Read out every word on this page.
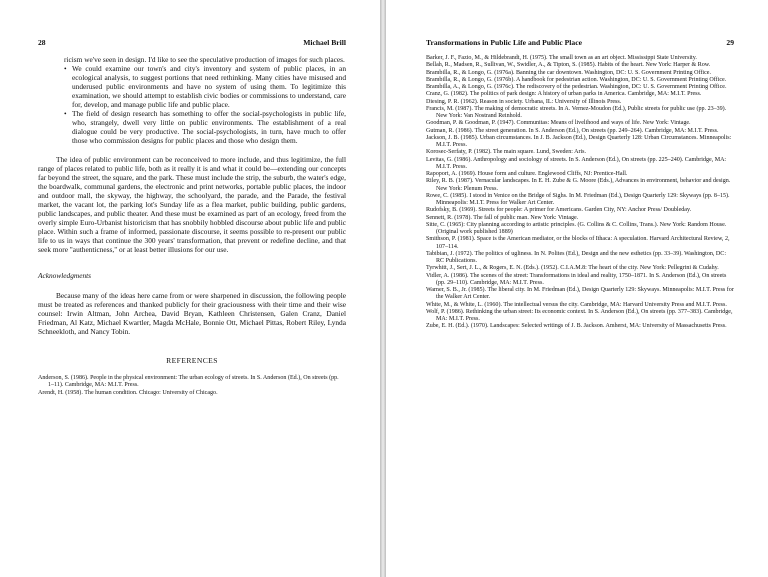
28	Michael Brill
ricism we've seen in design. I'd like to see the speculative production of images for such places.
• We could examine our town's and city's inventory and system of public places, in an ecological analysis, to suggest portions that need rethinking. Many cities have misused and underused public environments and have no system of using them. To legitimize this examination, we should attempt to establish civic bodies or commissions to understand, care for, develop, and manage public life and public place.
• The field of design research has something to offer the social-psychologists in public life, who, strangely, dwell very little on public environments. The establishment of a real dialogue could be very productive. The social-psychologists, in turn, have much to offer those who commission designs for public places and those who design them.

The idea of public environment can be reconceived to more include, and thus legitimize, the full range of places related to public life, both as it really it is and what it could be—extending our concepts far beyond the street, the square, and the park. These must include the strip, the suburb, the water's edge, the boardwalk, communal gardens, the electronic and print networks, portable public places, the indoor and outdoor mall, the skyway, the highway, the schoolyard, the parade, and the Parade, the festival market, the vacant lot, the parking lot's Sunday life as a flea market, public building, public gardens, public landscapes, and public theater. And these must be examined as part of an ecology, freed from the overly simple Euro-Urbanist historicism that has snobbily hobbled discourse about public life and public place. Within such a frame of informed, passionate discourse, it seems possible to re-present our public life to us in ways that continue the 300 years' transformation, that prevent or redefine decline, and that seek more "authenticness," or at least better illusions for our use.

Acknowledgments

Because many of the ideas here came from or were sharpened in discussion, the following people must be treated as references and thanked publicly for their graciousness with their time and their wise counsel: Irwin Altman, John Archea, David Bryan, Kathleen Christensen, Galen Cranz, Daniel Friedman, Al Katz, Michael Kwartler, Magda McHale, Bonnie Ott, Michael Pittas, Robert Riley, Lynda Schneekloth, and Nancy Tobin.

REFERENCES
Anderson, S. (1986). People in the physical environment: The urban ecology of streets. In S. Anderson (Ed.), On streets (pp. 1–11). Cambridge, MA: M.I.T. Press.
Arendt, H. (1958). The human condition. Chicago: University of Chicago.
Transformations in Public Life and Public Place	29
Barker, J. F., Fazio, M., & Hildebrandt, H. (1975). The small town as an art object. Mississippi State University.
Bellah, R., Madsen, R., Sullivan, W., Swidler, A., & Tipton, S. (1985). Habits of the heart. New York: Harper & Row.
Brambilla, R., & Longo, G. (1976a). Banning the car downtown. Washington, DC: U. S. Government Printing Office.
Brambilla, R., & Longo, G. (1976b). A handbook for pedestrian action. Washington, DC: U. S. Government Printing Office.
Brambilla, A., & Longo, G. (1976c). The rediscovery of the pedestrian. Washington, DC: U. S. Government Printing Office.
Cranz, G. (1982). The politics of park design: A history of urban parks in America. Cambridge, MA: M.I.T. Press.
Diesing, P. R. (1962). Reason in society. Urbana, IL: University of Illinois Press.
Francis, M. (1987). The making of democratic streets. In A. Vernez-Moudon (Ed.), Public streets for public use (pp. 23–39). New York: Van Nostrand Reinhold.
Goodman, P. & Goodman, P. (1947). Communitas: Means of livelihood and ways of life. New York: Vintage.
Gutman, R. (1986). The street generation. In S. Anderson (Ed.), On streets (pp. 249–264). Cambridge, MA: M.I.T. Press.
Jackson, J. B. (1985). Urban circumstances. In J. B. Jackson (Ed.), Design Quarterly 128: Urban Circumstances. Minneapolis: M.I.T. Press.
Korosec-Serfaty, P. (1982). The main square. Lund, Sweden: Aris.
Levitas, G. (1986). Anthropology and sociology of streets. In S. Anderson (Ed.), On streets (pp. 225–240). Cambridge, MA: M.I.T. Press.
Rapoport, A. (1969). House form and culture. Englewood Cliffs, NJ: Prentice-Hall.
Riley, R. B. (1987). Vernacular landscapes. In E. H. Zube & G. Moore (Eds.), Advances in environment, behavior and design. New York: Plenum Press.
Rowe, C. (1985). I stood in Venice on the Bridge of Sighs. In M. Friedman (Ed.), Design Quarterly 129: Skyways (pp. 8–15). Minneapolis: M.I.T. Press for Walker Art Center.
Rudofsky, B. (1969). Streets for people: A primer for Americans. Garden City, NY: Anchor Press/ Doubleday.
Sennett, R. (1978). The fall of public man. New York: Vintage.
Sitte, C. (1965): City planning according to artistic principles. (G. Collins & C. Collins, Trans.). New York: Random House. (Original work published 1889)
Smithson, P. (1981). Space is the American mediator, or the blocks of Ithaca: A speculation. Harvard Architectural Review, 2, 107–114.
Tabibian, J. (1972). The politics of ugliness. In N. Polites (Ed.), Design and the new esthetics (pp. 33–39). Washington, DC: RC Publications.
Tyrwhitt, J., Sert, J. L., & Rogers, E. N. (Eds.). (1952). C.I.A.M.8: The heart of the city. New York: Pellegrini & Cudahy.
Vidler, A. (1986). The scenes of the street: Transformations in ideal and reality, 1750–1871. In S. Anderson (Ed.), On streets (pp. 29–110). Cambridge, MA: M.I.T. Press.
Warner, S. B., Jr. (1985). The liberal city. In M. Friedman (Ed.), Design Quarterly 129: Skyways. Minneapolis: M.I.T. Press for the Walker Art Center.
White, M., & White, L. (1960). The intellectual versus the city. Cambridge, MA: Harvard University Press and M.I.T. Press.
Wolf, P. (1986). Rethinking the urban street: Its economic context. In S. Anderson (Ed.), On streets (pp. 377–383). Cambridge, MA: M.I.T. Press.
Zube, E. H. (Ed.). (1970). Landscapes: Selected writings of J. B. Jackson. Amherst, MA: University of Massachusetts Press.
